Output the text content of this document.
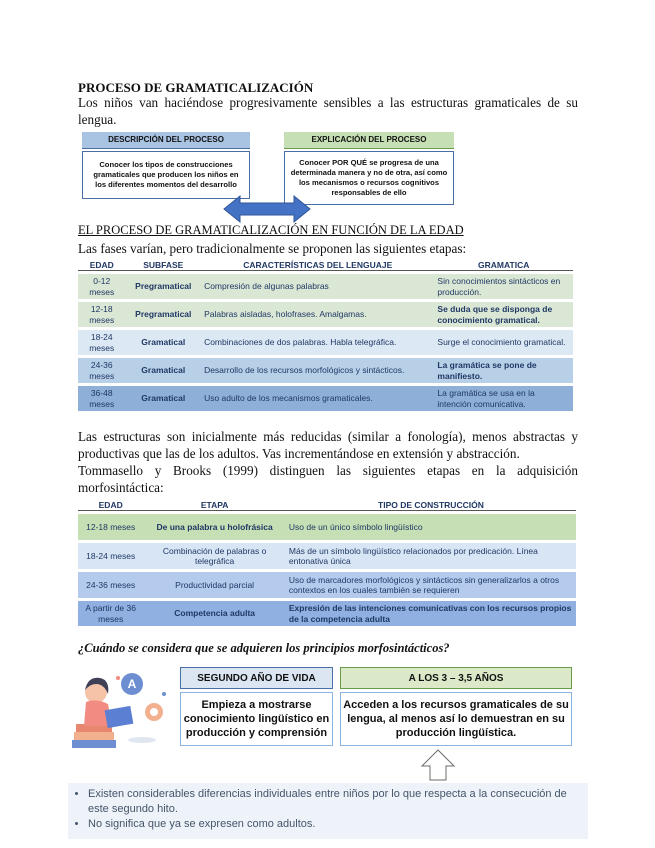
PROCESO DE GRAMATICALIZACIÓN
Los niños van haciéndose progresivamente sensibles a las estructuras gramaticales de su lengua.
DESCRIPCIÓN DEL PROCESO
Conocer los tipos de construcciones gramaticales que producen los niños en los diferentes momentos del desarrollo
EXPLICACIÓN DEL PROCESO
Conocer POR QUÉ se progresa de una determinada manera y no de otra, así como los mecanismos o recursos cognitivos responsables de ello
EL PROCESO DE GRAMATICALIZACIÓN EN FUNCIÓN DE LA EDAD
Las fases varían, pero tradicionalmente se proponen las siguientes etapas:
EDAD	SUBFASE	CARACTERÍSTICAS DEL LENGUAJE	GRAMATICA
0-12 meses	Pregramatical	Compresión de algunas palabras	Sin conocimientos sintácticos en producción.
12-18 meses	Pregramatical	Palabras aisladas, holofrases. Amalgamas.	Se duda que se disponga de conocimiento gramatical.
18-24 meses	Gramatical	Combinaciones de dos palabras. Habla telegráfica.	Surge el conocimiento gramatical.
24-36 meses	Gramatical	Desarrollo de los recursos morfológicos y sintácticos.	La gramática se pone de manifiesto.
36-48 meses	Gramatical	Uso adulto de los mecanismos gramaticales.	La gramática se usa en la intención comunicativa.
Las estructuras son inicialmente más reducidas (similar a fonología), menos abstractas y productivas que las de los adultos. Vas incrementándose en extensión y abstracción.
Tommasello y Brooks (1999) distinguen las siguientes etapas en la adquisición morfosintáctica:
EDAD	ETAPA	TIPO DE CONSTRUCCIÓN
12-18 meses	De una palabra u holofrásica	Uso de un único símbolo lingüístico
18-24 meses	Combinación de palabras o telegráfica	Más de un símbolo lingüístico relacionados por predicación. Línea entonativa única
24-36 meses	Productividad parcial	Uso de marcadores morfológicos y sintácticos sin generalizarlos a otros contextos en los cuales también se requieren
A partir de 36 meses	Competencia adulta	Expresión de las intenciones comunicativas con los recursos propios de la competencia adulta
¿Cuándo se considera que se adquieren los principios morfosintácticos?
A	SEGUNDO AÑO DE VIDA
Empieza a mostrarse conocimiento lingüístico en producción y comprensión
A LOS 3 – 3,5 AÑOS
Acceden a los recursos gramaticales de su lengua, al menos así lo demuestran en su producción lingüística.
• Existen considerables diferencias individuales entre niños por lo que respecta a la consecución de este segundo hito.
• No significa que ya se expresen como adultos.
